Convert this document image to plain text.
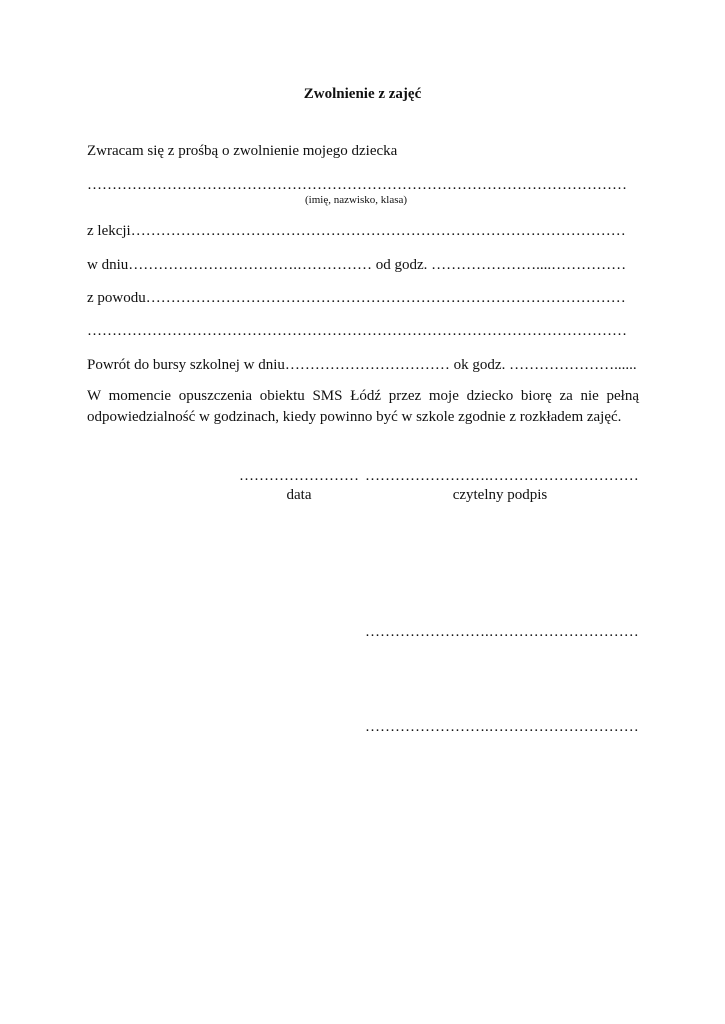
Zwolnienie z zajęć
Zwracam się z prośbą o zwolnienie mojego dziecka
………………………………………………………………………………………………
(imię, nazwisko, klasa)
z lekcji………………………………………………………………………………………
w dniu…………………………….…………… od godz. …………………....……………
z powodu……………………………………………………………………………………
………………………………………………………………………………………………
Powrót do bursy szkolnej w dniu…………………………… ok godz. …………………......
W momencie opuszczenia obiektu SMS Łódź przez moje dziecko biorę za nie pełną odpowiedzialność w godzinach, kiedy powinno być w szkole zgodnie z rozkładem zajęć.
……………………
data
…………………….…………………………
czytelny podpis
…………………….…………………………
…………………….…………………………
